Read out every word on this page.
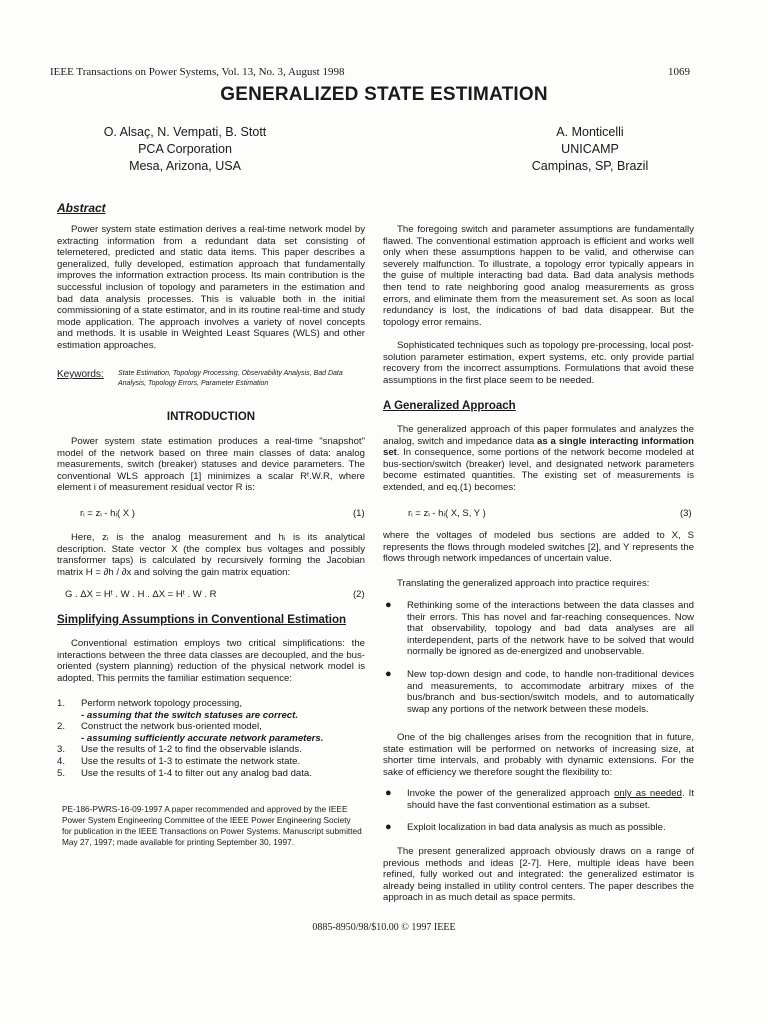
IEEE Transactions on Power Systems, Vol. 13, No. 3, August 1998	1069
GENERALIZED STATE ESTIMATION
O. Alsaç, N. Vempati, B. Stott
PCA Corporation
Mesa, Arizona, USA
A. Monticelli
UNICAMP
Campinas, SP, Brazil
Abstract

Power system state estimation derives a real-time network model by extracting information from a redundant data set consisting of telemetered, predicted and static data items. This paper describes a generalized, fully developed, estimation approach that fundamentally improves the information extraction process. Its main contribution is the successful inclusion of topology and parameters in the estimation and bad data analysis processes. This is valuable both in the initial commissioning of a state estimator, and in its routine real-time and study mode application. The approach involves a variety of novel concepts and methods. It is usable in Weighted Least Squares (WLS) and other estimation approaches.

Keywords: State Estimation, Topology Processing, Observability Analysis, Bad Data Analysis, Topology Errors, Parameter Estimation
INTRODUCTION

Power system state estimation produces a real-time "snapshot" model of the network based on three main classes of data: analog measurements, switch (breaker) statuses and device parameters. The conventional WLS approach [1] minimizes a scalar Rᵗ.W.R, where element i of measurement residual vector R is:

rᵢ = zᵢ - hᵢ( X )	(1)

Here, zᵢ is the analog measurement and hᵢ is its analytical description. State vector X (the complex bus voltages and possibly transformer taps) is calculated by recursively forming the Jacobian matrix H = ∂h / ∂x and solving the gain matrix equation:

G . ΔX = Hᵗ . W . H . ΔX = Hᵗ . W . R	(2)
Simplifying Assumptions in Conventional Estimation

Conventional estimation employs two critical simplifications: the interactions between the three data classes are decoupled, and the bus-oriented (system planning) reduction of the physical network model is adopted. This permits the familiar estimation sequence:

1. Perform network topology processing,
- assuming that the switch statuses are correct.
2. Construct the network bus-oriented model,
- assuming sufficiently accurate network parameters.
3. Use the results of 1-2 to find the observable islands.
4. Use the results of 1-3 to estimate the network state.
5. Use the results of 1-4 to filter out any analog bad data.
PE-186-PWRS-16-09-1997 A paper recommended and approved by the IEEE Power System Engineering Committee of the IEEE Power Engineering Society for publication in the IEEE Transactions on Power Systems. Manuscript submitted May 27, 1997; made available for printing September 30, 1997.

The foregoing switch and parameter assumptions are fundamentally flawed. The conventional estimation approach is efficient and works well only when these assumptions happen to be valid, and otherwise can severely malfunction. To illustrate, a topology error typically appears in the guise of multiple interacting bad data. Bad data analysis methods then tend to rate neighboring good analog measurements as gross errors, and eliminate them from the measurement set. As soon as local redundancy is lost, the indications of bad data disappear. But the topology error remains.

Sophisticated techniques such as topology pre-processing, local post-solution parameter estimation, expert systems, etc. only provide partial recovery from the incorrect assumptions. Formulations that avoid these assumptions in the first place seem to be needed.

A Generalized Approach

The generalized approach of this paper formulates and analyzes the analog, switch and impedance data as a single interacting information set. In consequence, some portions of the network become modeled at bus-section/switch (breaker) level, and designated network parameters become estimated quantities. The existing set of measurements is extended, and eq.(1) becomes:

rᵢ = zᵢ - hᵢ( X, S, Y )	(3)

where the voltages of modeled bus sections are added to X, S represents the flows through modeled switches [2], and Y represents the flows through network impedances of uncertain value.

Translating the generalized approach into practice requires:

● Rethinking some of the interactions between the data classes and their errors. This has novel and far-reaching consequences. Now that observability, topology and bad data analyses are all interdependent, parts of the network have to be solved that would normally be ignored as de-energized and unobservable.
● New top-down design and code, to handle non-traditional devices and measurements, to accommodate arbitrary mixes of the bus/branch and bus-section/switch models, and to automatically swap any portions of the network between these models.

One of the big challenges arises from the recognition that in future, state estimation will be performed on networks of increasing size, at shorter time intervals, and probably with dynamic extensions. For the sake of efficiency we therefore sought the flexibility to:

● Invoke the power of the generalized approach only as needed. It should have the fast conventional estimation as a subset.
● Exploit localization in bad data analysis as much as possible.

The present generalized approach obviously draws on a range of previous methods and ideas [2-7]. Here, multiple ideas have been refined, fully worked out and integrated: the generalized estimator is already being installed in utility control centers. The paper describes the approach in as much detail as space permits.

0885-8950/98/$10.00 © 1997 IEEE
